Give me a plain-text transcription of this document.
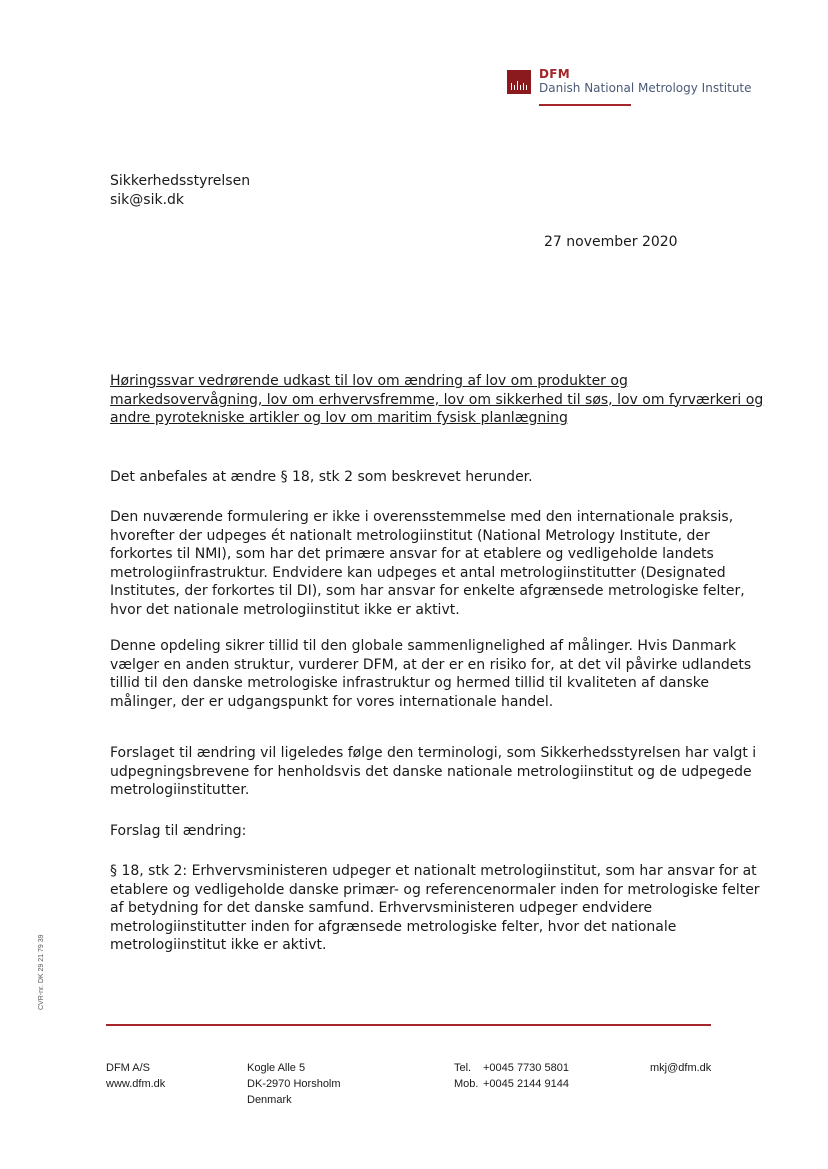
DFM
Danish National Metrology Institute
Sikkerhedsstyrelsen
sik@sik.dk
27 november 2020
Høringssvar vedrørende udkast til lov om ændring af lov om produkter og
markedsovervågning, lov om erhvervsfremme, lov om sikkerhed til søs, lov om fyrværkeri og
andre pyrotekniske artikler og lov om maritim fysisk planlægning
Det anbefales at ændre § 18, stk 2 som beskrevet herunder.
Den nuværende formulering er ikke i overensstemmelse med den internationale praksis,
hvorefter der udpeges ét nationalt metrologiinstitut (National Metrology Institute, der
forkortes til NMI), som har det primære ansvar for at etablere og vedligeholde landets
metrologiinfrastruktur. Endvidere kan udpeges et antal metrologiinstitutter (Designated
Institutes, der forkortes til DI), som har ansvar for enkelte afgrænsede metrologiske felter,
hvor det nationale metrologiinstitut ikke er aktivt.
Denne opdeling sikrer tillid til den globale sammenlignelighed af målinger. Hvis Danmark
vælger en anden struktur, vurderer DFM, at der er en risiko for, at det vil påvirke udlandets
tillid til den danske metrologiske infrastruktur og hermed tillid til kvaliteten af danske
målinger, der er udgangspunkt for vores internationale handel.
Forslaget til ændring vil ligeledes følge den terminologi, som Sikkerhedsstyrelsen har valgt i
udpegningsbrevene for henholdsvis det danske nationale metrologiinstitut og de udpegede
metrologiinstitutter.
Forslag til ændring:
§ 18, stk 2: Erhvervsministeren udpeger et nationalt metrologiinstitut, som har ansvar for at
etablere og vedligeholde danske primær- og referencenormaler inden for metrologiske felter
af betydning for det danske samfund. Erhvervsministeren udpeger endvidere
metrologiinstitutter inden for afgrænsede metrologiske felter, hvor det nationale
metrologiinstitut ikke er aktivt.
CVR-nr. DK 29 21 79 39
DFM A/S
www.dfm.dk
Kogle Alle 5
DK-2970 Horsholm
Denmark
Tel.
Mob.
+0045 7730 5801
+0045 2144 9144
mkj@dfm.dk
